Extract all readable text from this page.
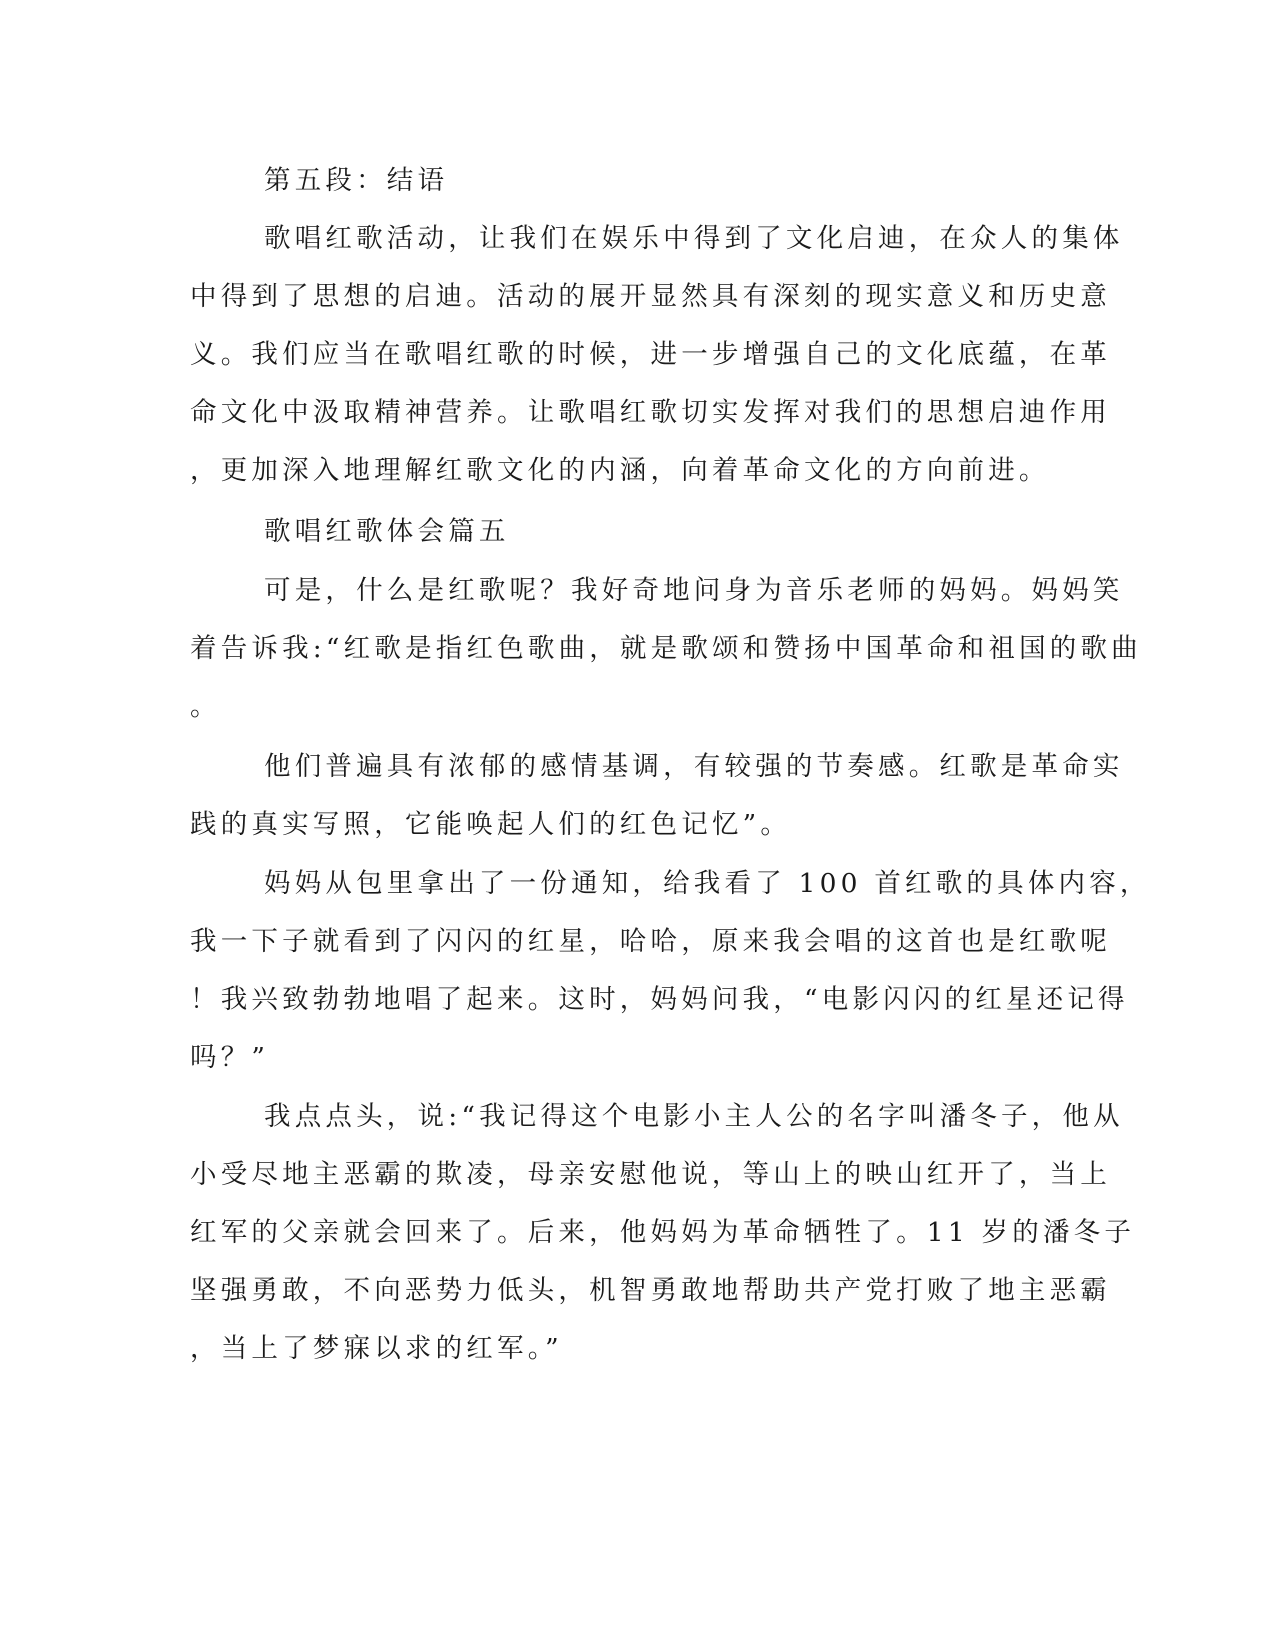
第五段：结语
歌唱红歌活动，让我们在娱乐中得到了文化启迪，在众人的集体
中得到了思想的启迪。活动的展开显然具有深刻的现实意义和历史意
义。我们应当在歌唱红歌的时候，进一步增强自己的文化底蕴，在革
命文化中汲取精神营养。让歌唱红歌切实发挥对我们的思想启迪作用
，更加深入地理解红歌文化的内涵，向着革命文化的方向前进。
歌唱红歌体会篇五
可是，什么是红歌呢？我好奇地问身为音乐老师的妈妈。妈妈笑
着告诉我:“红歌是指红色歌曲，就是歌颂和赞扬中国革命和祖国的歌曲
。
他们普遍具有浓郁的感情基调，有较强的节奏感。红歌是革命实
践的真实写照，它能唤起人们的红色记忆”。
妈妈从包里拿出了一份通知，给我看了 100 首红歌的具体内容，
我一下子就看到了闪闪的红星，哈哈，原来我会唱的这首也是红歌呢
！我兴致勃勃地唱了起来。这时，妈妈问我，“电影闪闪的红星还记得
吗？”
我点点头，说:“我记得这个电影小主人公的名字叫潘冬子，他从
小受尽地主恶霸的欺凌，母亲安慰他说，等山上的映山红开了，当上
红军的父亲就会回来了。后来，他妈妈为革命牺牲了。11 岁的潘冬子
坚强勇敢，不向恶势力低头，机智勇敢地帮助共产党打败了地主恶霸
，当上了梦寐以求的红军。”
